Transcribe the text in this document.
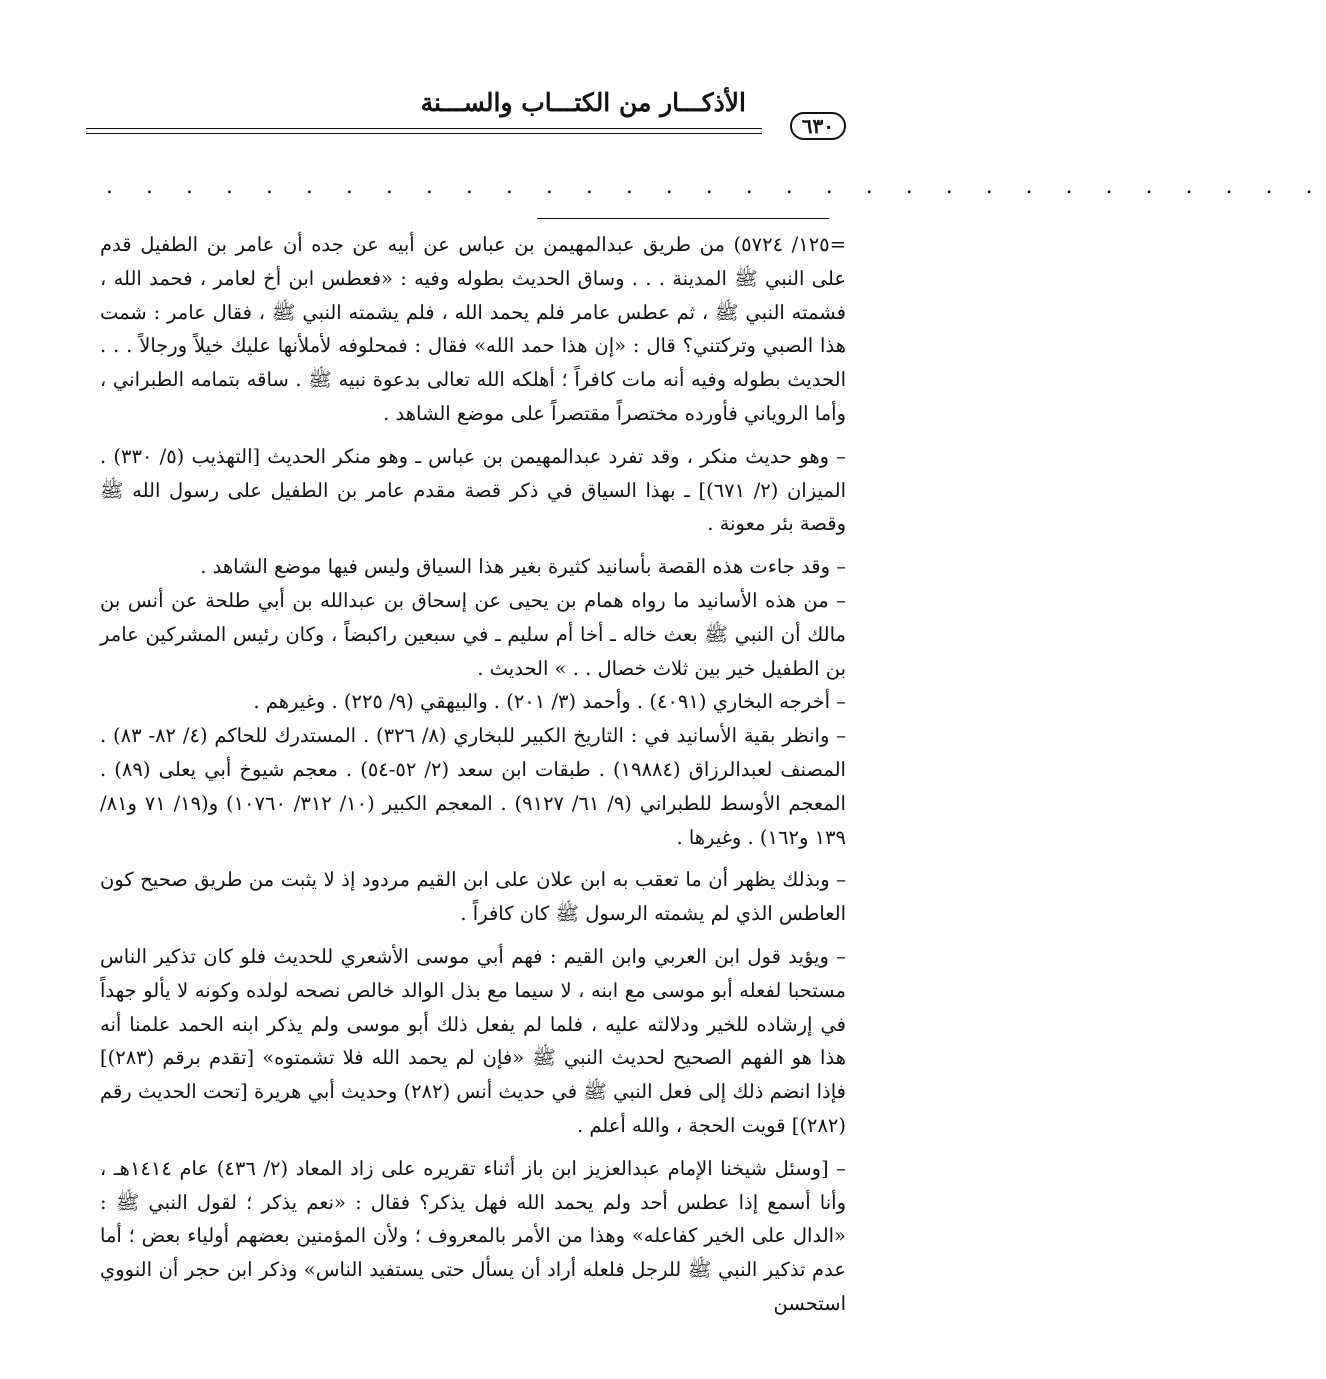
الأذكـــار من الكتـــاب والســـنة
٦٣٠
. . . . . . . . . . . . . . . . . . . . . . . . . . . . . . .

=١٢٥/ ٥٧٢٤) من طريق عبدالمهيمن بن عباس عن أبيه عن جده أن عامر بن الطفيل قدم على النبي ﷺ المدينة . . . وساق الحديث بطوله وفيه : «فعطس ابن أخ لعامر ، فحمد الله ، فشمته النبي ﷺ ، ثم عطس عامر فلم يحمد الله ، فلم يشمته النبي ﷺ ، فقال عامر : شمت هذا الصبي وتركتني؟ قال : «إن هذا حمد الله» فقال : فمحلوفه لأملأنها عليك خيلاً ورجالاً . . . الحديث بطوله وفيه أنه مات كافراً ؛ أهلكه الله تعالى بدعوة نبيه ﷺ . ساقه بتمامه الطبراني ، وأما الروياني فأورده مختصراً مقتصراً على موضع الشاهد .

– وهو حديث منكر ، وقد تفرد عبدالمهيمن بن عباس ـ وهو منكر الحديث [التهذيب (٥/ ٣٣٠) . الميزان (٢/ ٦٧١)] ـ بهذا السياق في ذكر قصة مقدم عامر بن الطفيل على رسول الله ﷺ وقصة بئر معونة .

– وقد جاءت هذه القصة بأسانيد كثيرة بغير هذا السياق وليس فيها موضع الشاهد .

– من هذه الأسانيد ما رواه همام بن يحيى عن إسحاق بن عبدالله بن أبي طلحة عن أنس بن مالك أن النبي ﷺ بعث خاله ـ أخا أم سليم ـ في سبعين راكبضاً ، وكان رئيس المشركين عامر بن الطفيل خير بين ثلاث خصال . . » الحديث .

– أخرجه البخاري (٤٠٩١) . وأحمد (٣/ ٢٠١) . والبيهقي (٩/ ٢٢٥) . وغيرهم .

– وانظر بقية الأسانيد في : التاريخ الكبير للبخاري (٨/ ٣٢٦) . المستدرك للحاكم (٤/ ٨٢- ٨٣) . المصنف لعبدالرزاق (١٩٨٨٤) . طبقات ابن سعد (٢/ ٥٢-٥٤) . معجم شيوخ أبي يعلى (٨٩) . المعجم الأوسط للطبراني (٩/ ٦١/ ٩١٢٧) . المعجم الكبير (١٠/ ٣١٢/ ١٠٧٦٠) و(١٩/ ٧١ و٨١/ ١٣٩ و١٦٢) . وغيرها .

– وبذلك يظهر أن ما تعقب به ابن علان على ابن القيم مردود إذ لا يثبت من طريق صحيح كون العاطس الذي لم يشمته الرسول ﷺ كان كافراً .

– ويؤيد قول ابن العربي وابن القيم : فهم أبي موسى الأشعري للحديث فلو كان تذكير الناس مستحبا لفعله أبو موسى مع ابنه ، لا سيما مع بذل الوالد خالص نصحه لولده وكونه لا يألو جهداً في إرشاده للخير ودلالته عليه ، فلما لم يفعل ذلك أبو موسى ولم يذكر ابنه الحمد علمنا أنه هذا هو الفهم الصحيح لحديث النبي ﷺ «فإن لم يحمد الله فلا تشمتوه» [تقدم برقم (٢٨٣)] فإذا انضم ذلك إلى فعل النبي ﷺ في حديث أنس (٢٨٢) وحديث أبي هريرة [تحت الحديث رقم (٢٨٢)] قويت الحجة ، والله أعلم .

– [وسئل شيخنا الإمام عبدالعزيز ابن باز أثناء تقريره على زاد المعاد (٢/ ٤٣٦) عام ١٤١٤هـ ، وأنا أسمع إذا عطس أحد ولم يحمد الله فهل يذكر؟ فقال : «نعم يذكر ؛ لقول النبي ﷺ : «الدال على الخير كفاعله» وهذا من الأمر بالمعروف ؛ ولأن المؤمنين بعضهم أولياء بعض ؛ أما عدم تذكير النبي ﷺ للرجل فلعله أراد أن يسأل حتى يستفيد الناس» وذكر ابن حجر أن النووي استحسن
